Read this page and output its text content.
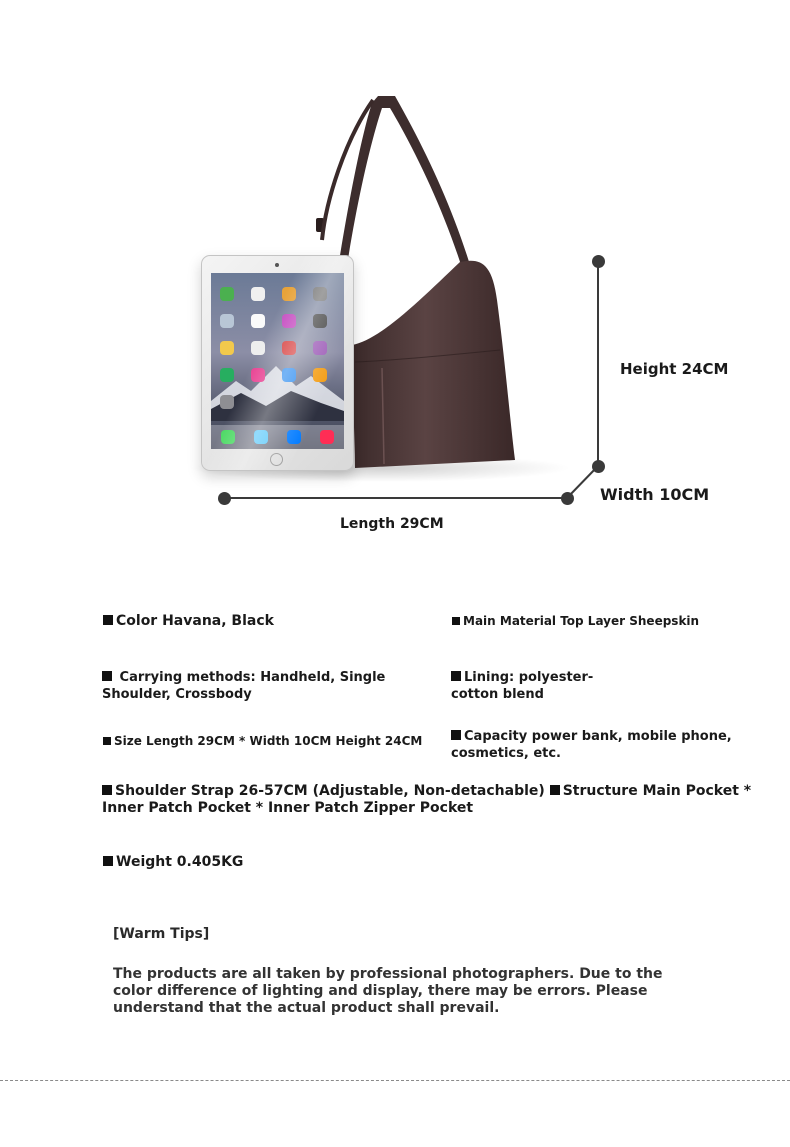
Height 24CM
Width 10CM
Length 29CM
Color Havana, Black	Main Material Top Layer Sheepskin
Carrying methods: Handheld, Single
Shoulder, Crossbody
Lining: polyester-
cotton blend
Size Length 29CM * Width 10CM Height 24CM	Capacity power bank, mobile phone,
cosmetics, etc.
Shoulder Strap 26-57CM (Adjustable, Non-detachable) Structure Main Pocket *
Inner Patch Pocket * Inner Patch Zipper Pocket
Weight 0.405KG
[Warm Tips]
The products are all taken by professional photographers. Due to the
color difference of lighting and display, there may be errors. Please
understand that the actual product shall prevail.
